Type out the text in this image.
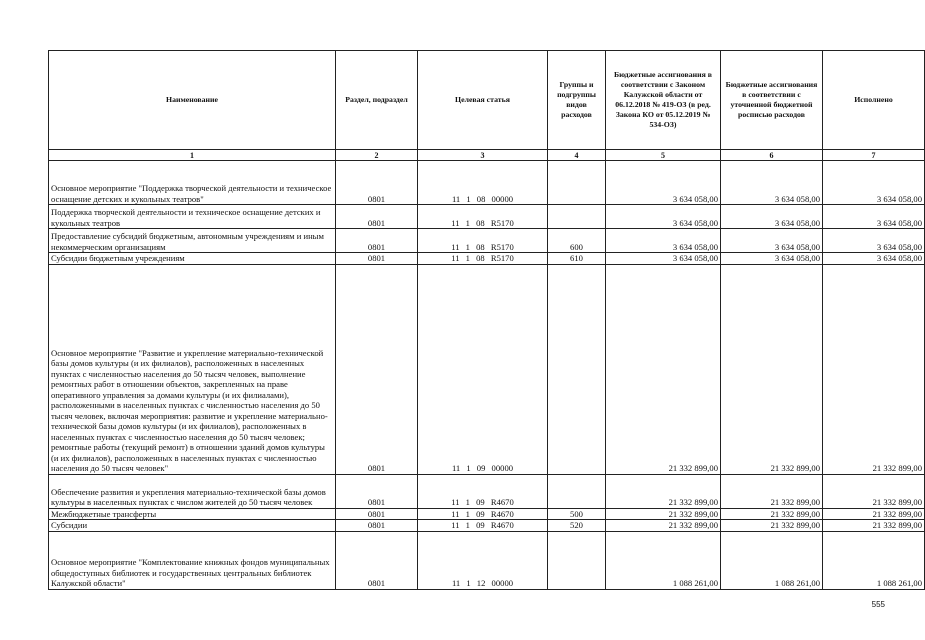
Наименование	Раздел, подраздел	Целевая статья	Группы и подгруппы видов расходов	Бюджетные ассигнования в соответствии с Законом Калужской области от 06.12.2018 № 419-ОЗ (в ред. Закона КО от 05.12.2019 № 534-ОЗ)	Бюджетные ассигнования в соответствии с уточненной бюджетной росписью расходов	Исполнено
1	2	3	4	5	6	7
Основное мероприятие "Поддержка творческой деятельности и техническое оснащение детских и кукольных театров"	0801	11 1 08 00000		3 634 058,00	3 634 058,00	3 634 058,00
Поддержка творческой деятельности и техническое оснащение детских и кукольных театров	0801	11 1 08 R5170		3 634 058,00	3 634 058,00	3 634 058,00
Предоставление субсидий бюджетным, автономным учреждениям и иным некоммерческим организациям	0801	11 1 08 R5170	600	3 634 058,00	3 634 058,00	3 634 058,00
Субсидии бюджетным учреждениям	0801	11 1 08 R5170	610	3 634 058,00	3 634 058,00	3 634 058,00
Основное мероприятие "Развитие и укрепление материально-технической базы домов культуры (и их филиалов), расположенных в населенных пунктах с численностью населения до 50 тысяч человек, выполнение ремонтных работ в отношении объектов, закрепленных на праве оперативного управления за домами культуры (и их филиалами), расположенными в населенных пунктах с численностью населения до 50 тысяч человек, включая мероприятия: развитие и укрепление материально-технической базы домов культуры (и их филиалов), расположенных в населенных пунктах с численностью населения до 50 тысяч человек; ремонтные работы (текущий ремонт) в отношении зданий домов культуры (и их филиалов), расположенных в населенных пунктах с численностью населения до 50 тысяч человек"	0801	11 1 09 00000		21 332 899,00	21 332 899,00	21 332 899,00
Обеспечение развития и укрепления материально-технической базы домов культуры в населенных пунктах с числом жителей до 50 тысяч человек	0801	11 1 09 R4670		21 332 899,00	21 332 899,00	21 332 899,00
Межбюджетные трансферты	0801	11 1 09 R4670	500	21 332 899,00	21 332 899,00	21 332 899,00
Субсидии	0801	11 1 09 R4670	520	21 332 899,00	21 332 899,00	21 332 899,00
Основное мероприятие "Комплектование книжных фондов муниципальных общедоступных библиотек и государственных центральных библиотек Калужской области"	0801	11 1 12 00000		1 088 261,00	1 088 261,00	1 088 261,00
555
